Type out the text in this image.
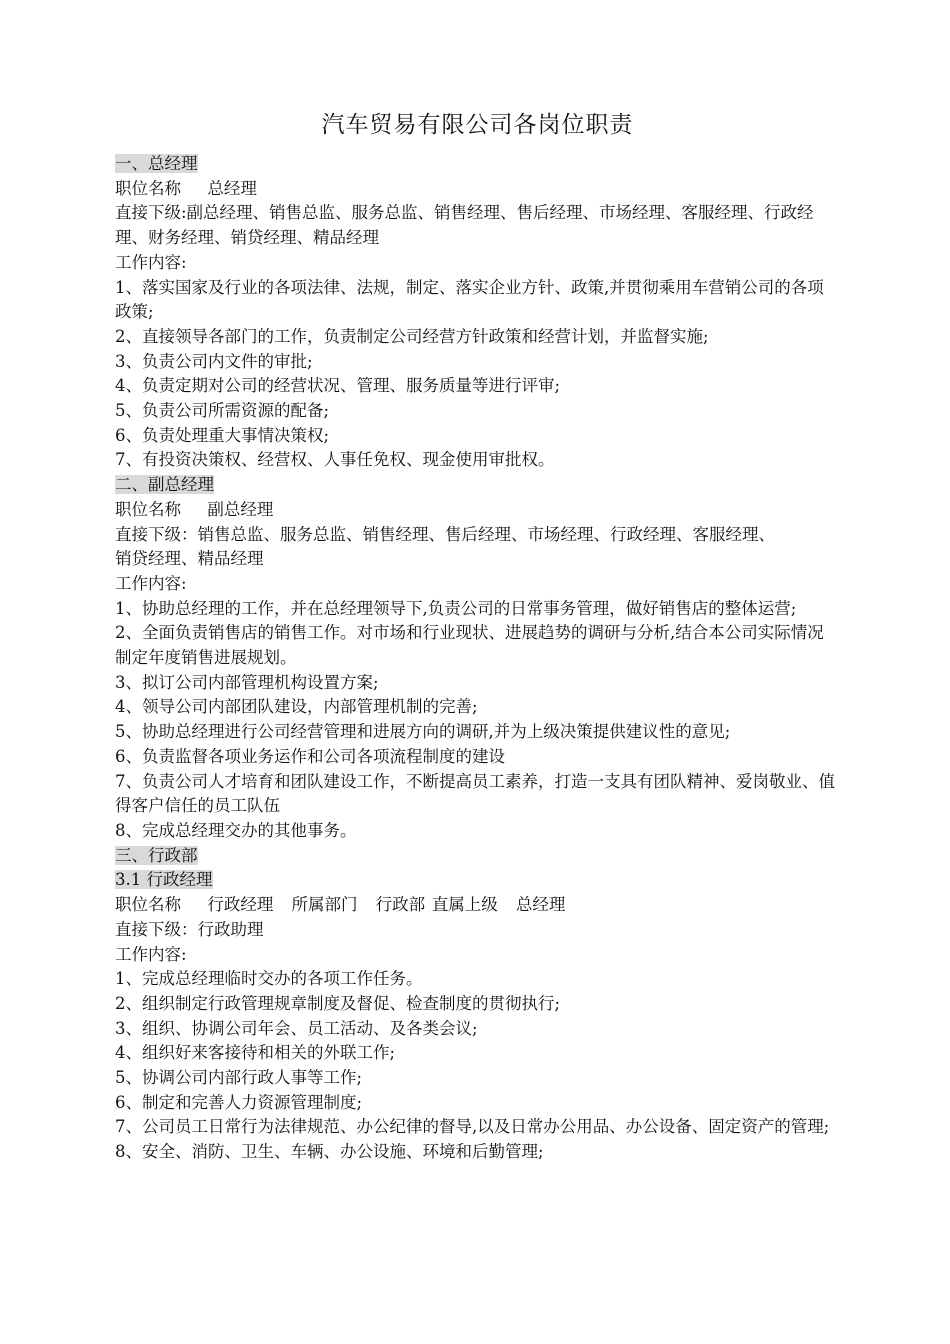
汽车贸易有限公司各岗位职责

一、总经理

职位名称 总经理

直接下级:副总经理、销售总监、服务总监、销售经理、售后经理、市场经理、客服经理、行政经理、财务经理、销贷经理、精品经理

工作内容:

1、落实国家及行业的各项法律、法规，制定、落实企业方针、政策,并贯彻乘用车营销公司的各项政策;

2、直接领导各部门的工作，负责制定公司经营方针政策和经营计划，并监督实施;

3、负责公司内文件的审批;

4、负责定期对公司的经营状况、管理、服务质量等进行评审;

5、负责公司所需资源的配备;

6、负责处理重大事情决策权;

7、有投资决策权、经营权、人事任免权、现金使用审批权。

二、副总经理

职位名称 副总经理

直接下级：销售总监、服务总监、销售经理、售后经理、市场经理、行政经理、客服经理、

销贷经理、精品经理

工作内容:

1、协助总经理的工作，并在总经理领导下,负责公司的日常事务管理，做好销售店的整体运营;

2、全面负责销售店的销售工作。对市场和行业现状、进展趋势的调研与分析,结合本公司实际情况制定年度销售进展规划。

3、拟订公司内部管理机构设置方案;

4、领导公司内部团队建设，内部管理机制的完善;

5、协助总经理进行公司经营管理和进展方向的调研,并为上级决策提供建议性的意见;

6、负责监督各项业务运作和公司各项流程制度的建设

7、负责公司人才培育和团队建设工作，不断提高员工素养，打造一支具有团队精神、爱岗敬业、值得客户信任的员工队伍

8、完成总经理交办的其他事务。

三、行政部

3.1 行政经理

职位名称 行政经理 所属部门 行政部 直属上级 总经理

直接下级：行政助理

工作内容:

1、完成总经理临时交办的各项工作任务。

2、组织制定行政管理规章制度及督促、检查制度的贯彻执行;

3、组织、协调公司年会、员工活动、及各类会议;

4、组织好来客接待和相关的外联工作;

5、协调公司内部行政人事等工作;

6、制定和完善人力资源管理制度;

7、公司员工日常行为法律规范、办公纪律的督导,以及日常办公用品、办公设备、固定资产的管理;

8、安全、消防、卫生、车辆、办公设施、环境和后勤管理;
